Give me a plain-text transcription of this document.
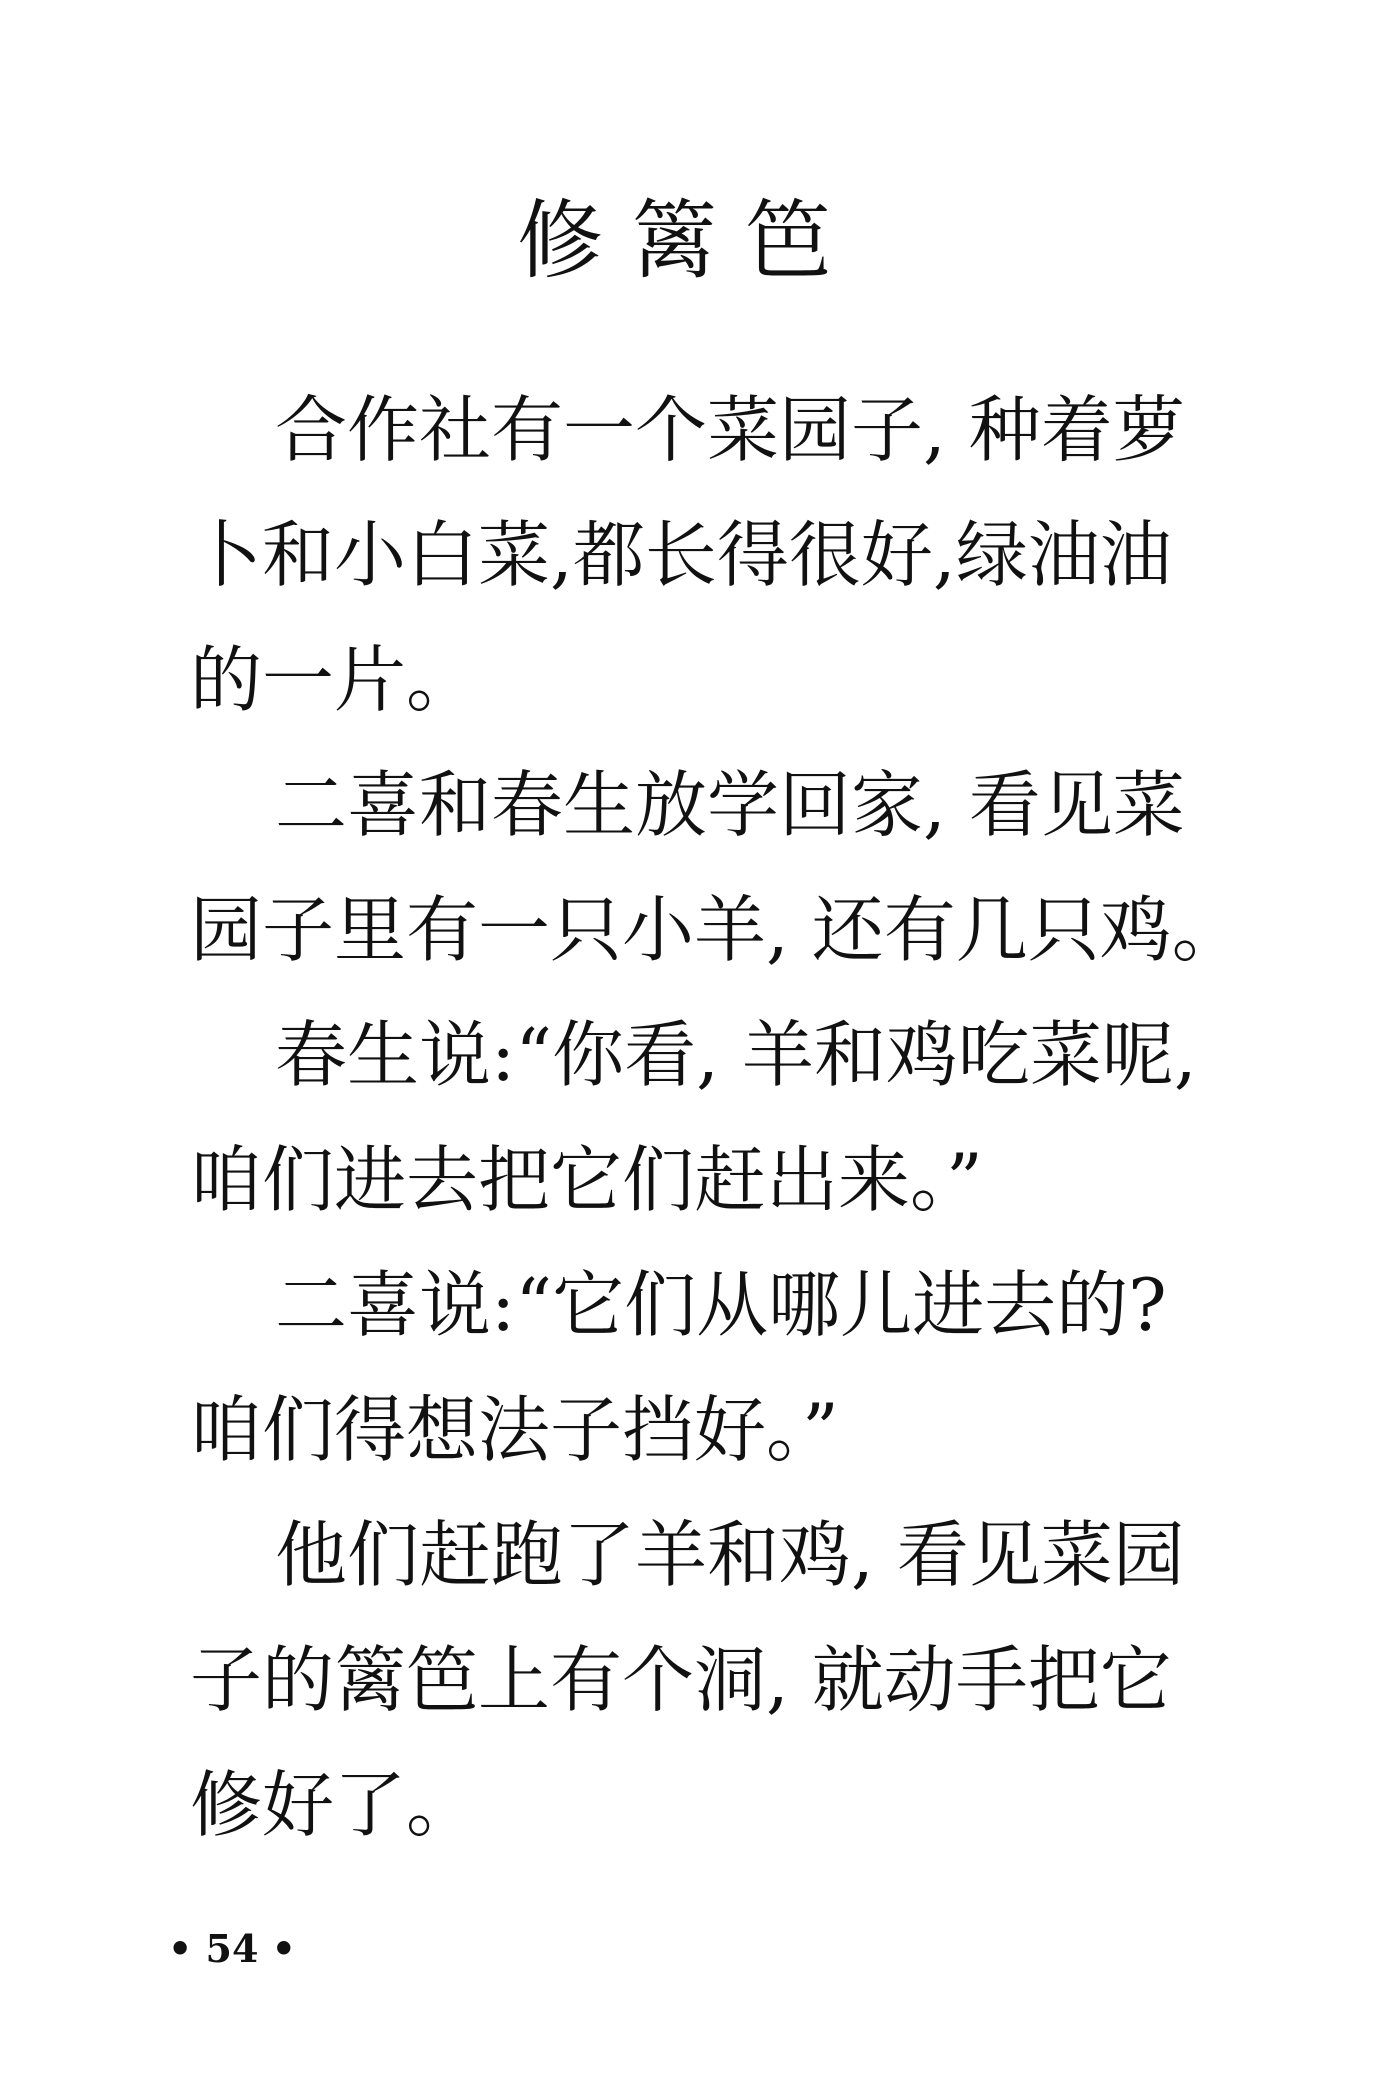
修篱笆
合作社有一个菜园子, 种着萝
卜和小白菜,都长得很好,绿油油
的一片。
二喜和春生放学回家, 看见菜
园子里有一只小羊, 还有几只鸡。
春生说:“你看, 羊和鸡吃菜呢,
咱们进去把它们赶出来。”
二喜说:“它们从哪儿进去的?
咱们得想法子挡好。”
他们赶跑了羊和鸡, 看见菜园
子的篱笆上有个洞, 就动手把它
修好了。
• 54 •
